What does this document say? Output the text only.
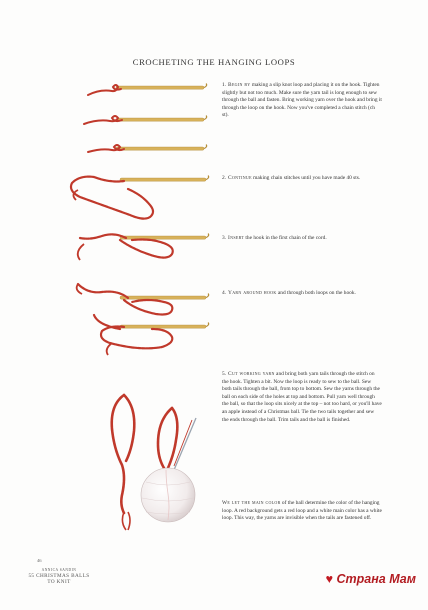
CROCHETING THE HANGING LOOPS
1. Begin by making a slip knot loop and placing it on the hook. Tighten slightly but not too much. Make sure the yarn tail is long enough to sew through the ball and fasten. Bring working yarn over the hook and bring it through the loop on the hook. Now you've completed a chain stitch (ch st).
2. Continue making chain stitches until you have made 40 sts.
3. Insert the hook in the first chain of the cord.
4. Yarn around hook and through both loops on the hook.
5. Cut working yarn and bring both yarn tails through the stitch on the hook. Tighten a bit. Now the loop is ready to sew to the ball. Sew both tails through the ball, from top to bottom. Sew the yarns through the ball on each side of the holes at top and bottom. Pull yarn well through the ball, so that the loop sits nicely at the top – not too hard, or you'll have an apple instead of a Christmas ball. Tie the two tails together and sew the ends through the ball. Trim tails and the ball is finished.
We let the main color of the ball determine the color of the hanging loop. A red background gets a red loop and a white main color has a white loop. This way, the yarns are invisible when the tails are fastened off.
46
ANNICA SANDIN
55 CHRISTMAS BALLS
TO KNIT	♥ Страна Мам
